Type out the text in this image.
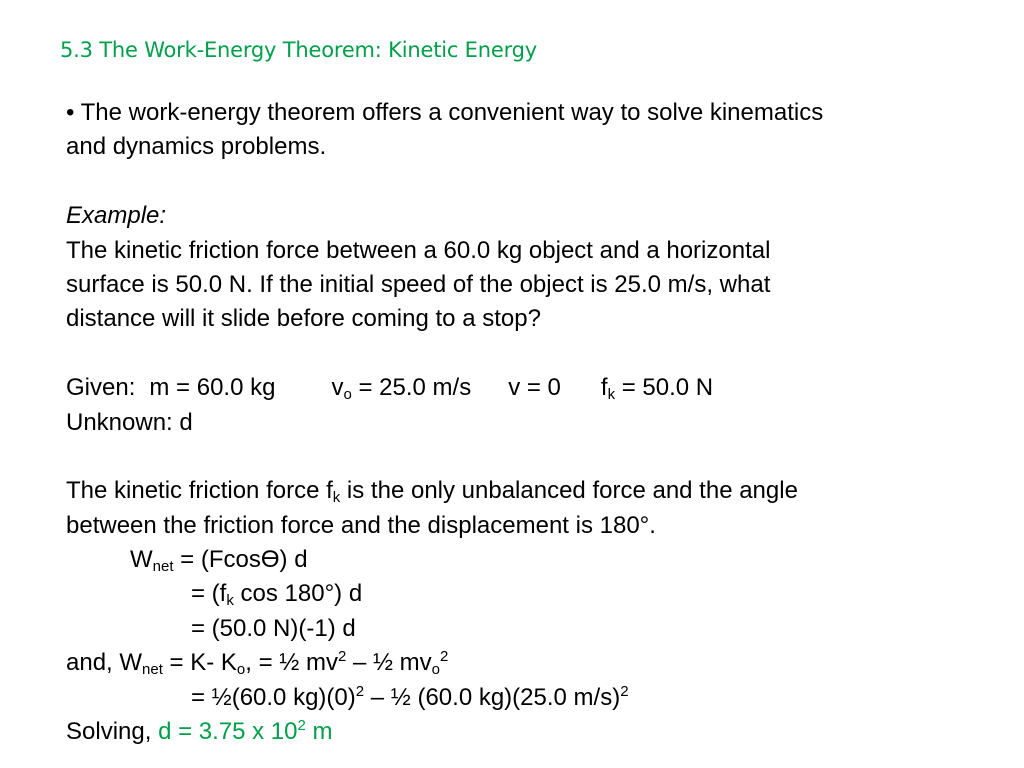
5.3 The Work-Energy Theorem: Kinetic Energy
• The work-energy theorem offers a convenient way to solve kinematics
and dynamics problems.
Example:
The kinetic friction force between a 60.0 kg object and a horizontal
surface is 50.0 N. If the initial speed of the object is 25.0 m/s, what
distance will it slide before coming to a stop?
Given: m = 60.0 kg $v_o = 25.0$ m/s v = 0 $f_k = 50.0$ N
Unknown: d
The kinetic friction force $f_k$ is the only unbalanced force and the angle
between the friction force and the displacement is 180°.
$W_{net}$ = (FcosƟ) d
= ($f_k$ cos 180°) d
= (50.0 N)(-1) d
and, $W_{net} = K-$ $K_o$, = ½ $mv^2$ – ½ $mv_o^2$
= ½(60.0 $kg)(0)^2$ – ½ (60.0 kg)(25.0 m/s)$^2$
Solving, d = 3.75 x $10^2$ m
